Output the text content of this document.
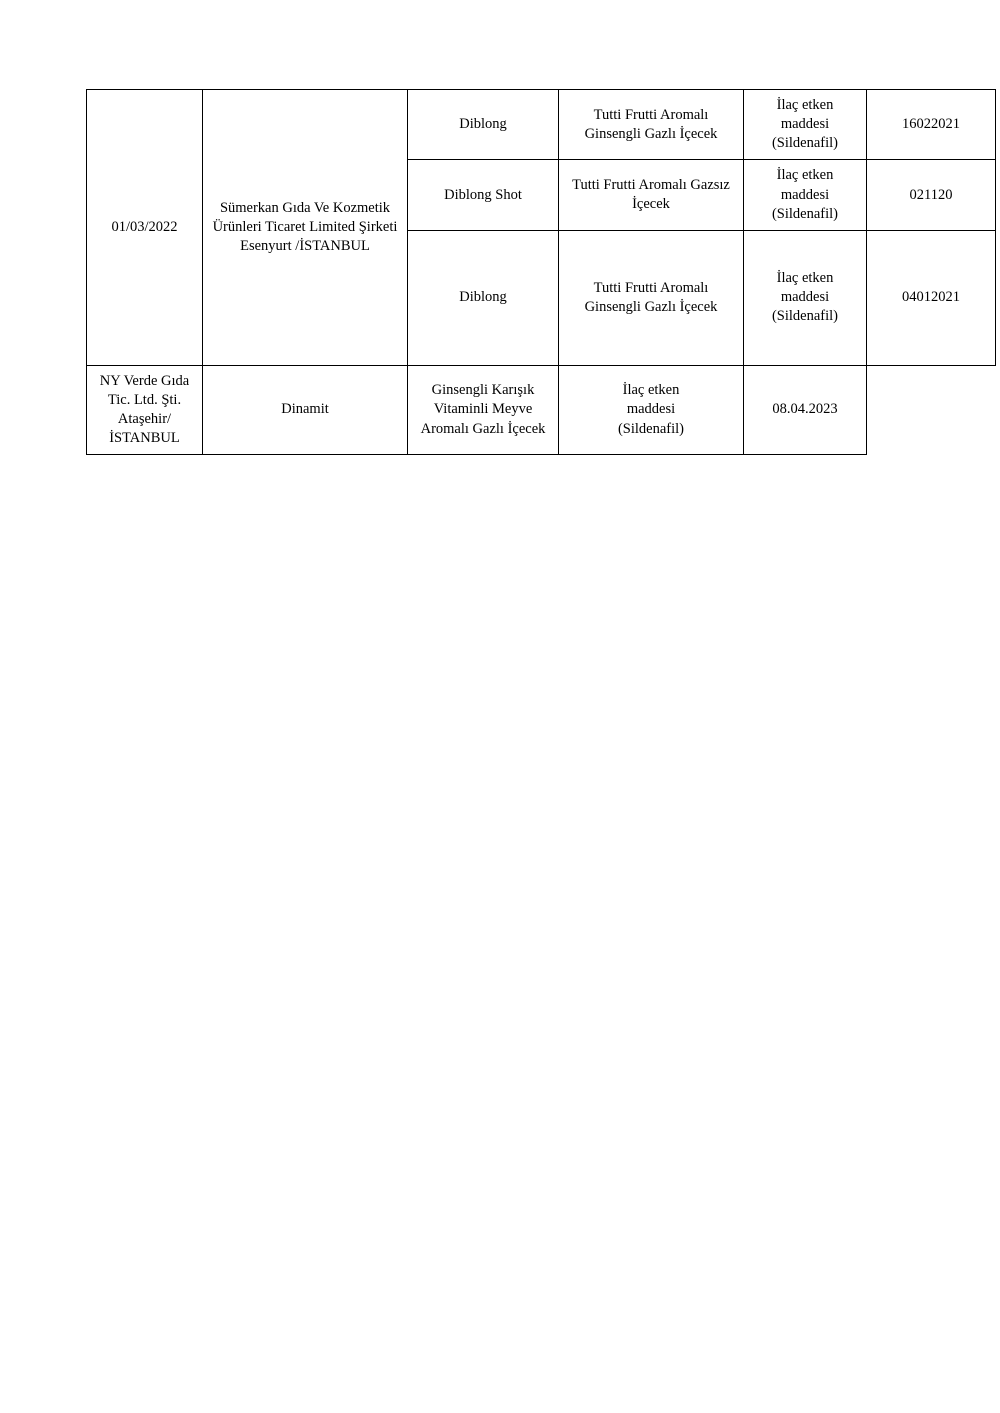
01/03/2022	Sümerkan Gıda Ve Kozmetik Ürünleri Ticaret Limited Şirketi Esenyurt /İSTANBUL	Diblong	Tutti Frutti Aromalı Ginsengli Gazlı İçecek	İlaç etken
maddesi
(Sildenafil)	16022021
		Diblong Shot	Tutti Frutti Aromalı Gazsız İçecek	İlaç etken
maddesi
(Sildenafil)	021120
		Diblong	Tutti Frutti Aromalı Ginsengli Gazlı İçecek	İlaç etken
maddesi
(Sildenafil)	04012021
NY Verde Gıda Tic. Ltd. Şti. Ataşehir/İSTANBUL	Dinamit	Ginsengli Karışık Vitaminli Meyve Aromalı Gazlı İçecek	İlaç etken
maddesi
(Sildenafil)	08.04.2023	
